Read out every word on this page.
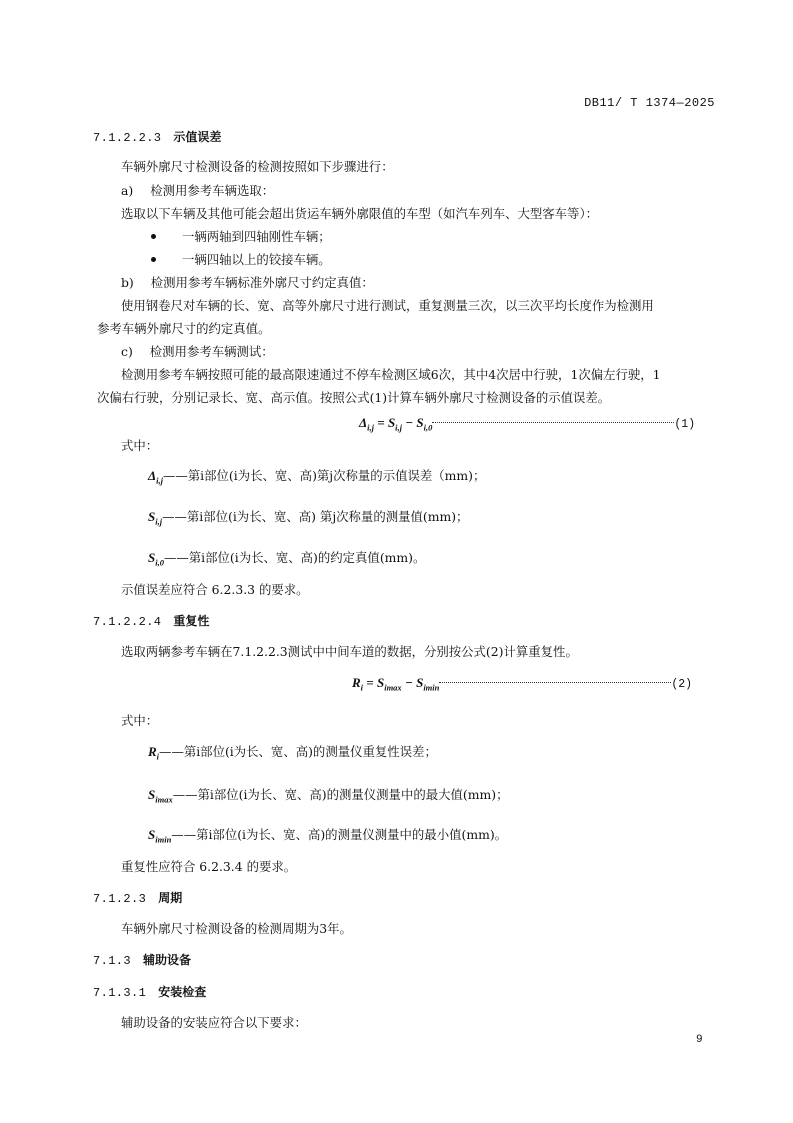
DB11/ T 1374—2025
7.1.2.2.3 示值误差
车辆外廓尺寸检测设备的检测按照如下步骤进行：
a) 检测用参考车辆选取：
选取以下车辆及其他可能会超出货运车辆外廓限值的车型（如汽车列车、大型客车等）：
一辆两轴到四轴刚性车辆；
一辆四轴以上的铰接车辆。
b) 检测用参考车辆标准外廓尺寸约定真值：
使用钢卷尺对车辆的长、宽、高等外廓尺寸进行测试，重复测量三次，以三次平均长度作为检测用
参考车辆外廓尺寸的约定真值。
c) 检测用参考车辆测试：
检测用参考车辆按照可能的最高限速通过不停车检测区域6次，其中4次居中行驶，1次偏左行驶，1
次偏右行驶，分别记录长、宽、高示值。按照公式(1)计算车辆外廓尺寸检测设备的示值误差。
$\Delta_{i,j} = S_{i,j} - S_{i,0}$	(1)
式中：
$\Delta_{i,j}——$第i部位(i为长、宽、高)第j次称量的示值误差（mm)；
$S_{i,j}——$第i部位(i为长、宽、高) 第j次称量的测量值(mm)；
$S_{i,0}——$第i部位(i为长、宽、高)的约定真值(mm)。
示值误差应符合 6.2.3.3 的要求。
7.1.2.2.4 重复性
选取两辆参考车辆在7.1.2.2.3测试中中间车道的数据，分别按公式(2)计算重复性。
$R_i = S_{imax} - S_{imin}$	(2)
式中：
$R_i——$第i部位(i为长、宽、高)的测量仪重复性误差；
$S_{imax}——$第i部位(i为长、宽、高)的测量仪测量中的最大值(mm)；
$S_{imin}——$第i部位(i为长、宽、高)的测量仪测量中的最小值(mm)。
重复性应符合 6.2.3.4 的要求。
7.1.2.3 周期
车辆外廓尺寸检测设备的检测周期为3年。
7.1.3 辅助设备
7.1.3.1 安装检查
辅助设备的安装应符合以下要求：
9
